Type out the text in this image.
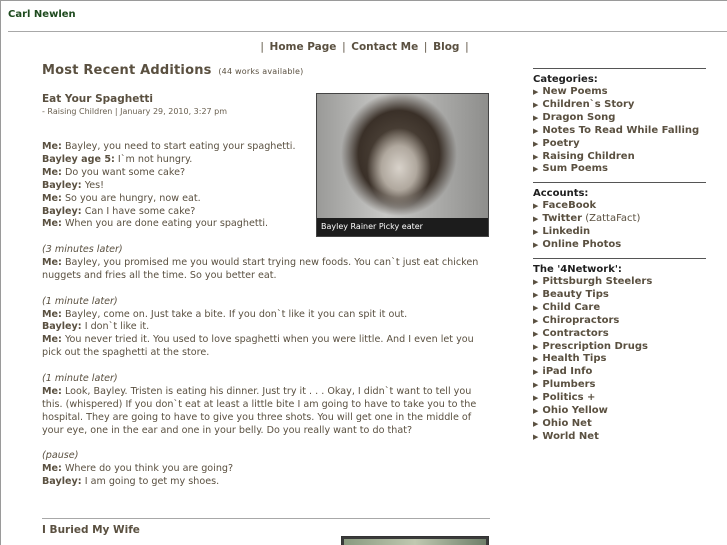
Carl Newlen
| Home Page | Contact Me | Blog |
Most Recent Additions (44 works available)
Eat Your Spaghetti
- Raising Children | January 29, 2010, 3:27 pm
Bayley Rainer Picky eater

Me: Bayley, you need to start eating your spaghetti.
Bayley age 5: I`m not hungry.
Me: Do you want some cake?
Bayley: Yes!
Me: So you are hungry, now eat.
Bayley: Can I have some cake?
Me: When you are done eating your spaghetti.

(3 minutes later)
Me: Bayley, you promised me you would start trying new foods. You can`t just eat chicken nuggets and fries all the time. So you better eat.

(1 minute later)
Me: Bayley, come on. Just take a bite. If you don`t like it you can spit it out.
Bayley: I don`t like it.
Me: You never tried it. You used to love spaghetti when you were little. And I even let you pick out the spaghetti at the store.

(1 minute later)
Me: Look, Bayley. Tristen is eating his dinner. Just try it . . . Okay, I didn`t want to tell you this. (whispered) If you don`t eat at least a little bite I am going to have to take you to the hospital. They are going to have to give you three shots. You will get one in the middle of your eye, one in the ear and one in your belly. Do you really want to do that?

(pause)
Me: Where do you think you are going?
Bayley: I am going to get my shoes.

I Buried My Wife
Categories:
▶ New Poems
▶ Children`s Story
▶ Dragon Song
▶ Notes To Read While Falling
▶ Poetry
▶ Raising Children
▶ Sum Poems
Accounts:
▶ FaceBook
▶ Twitter (ZattaFact)
▶ Linkedin
▶ Online Photos
The '4Network':
▶ Pittsburgh Steelers
▶ Beauty Tips
▶ Child Care
▶ Chiropractors
▶ Contractors
▶ Prescription Drugs
▶ Health Tips
▶ iPad Info
▶ Plumbers
▶ Politics +
▶ Ohio Yellow
▶ Ohio Net
▶ World Net
